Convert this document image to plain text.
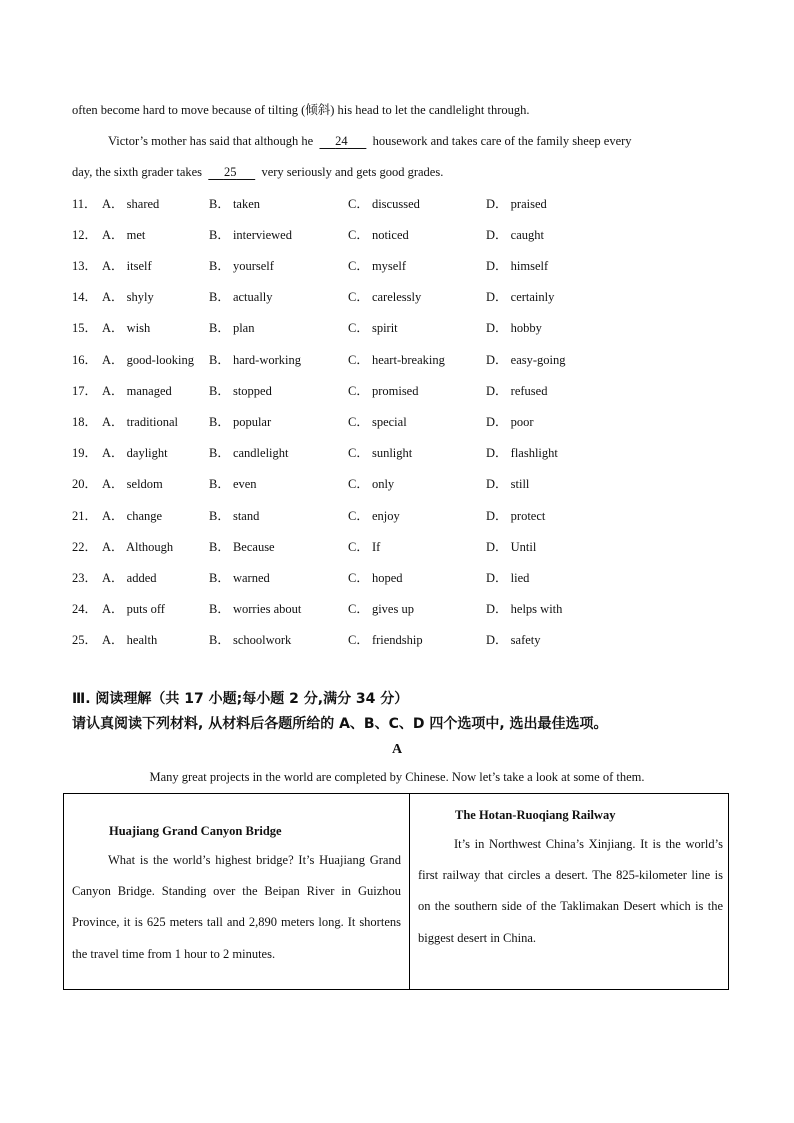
often become hard to move because of tilting (倾斜) his head to let the candlelight through.
Victor’s mother has said that although he 24 housework and takes care of the family sheep every
day, the sixth grader takes 25 very seriously and gets good grades.
11． A． shared	B． taken	C． discussed	D． praised
12． A． met	B． interviewed	C． noticed	D． caught
13． A． itself	B． yourself	C． myself	D． himself
14． A． shyly	B． actually	C． carelessly	D． certainly
15． A． wish	B． plan	C． spirit	D． hobby
16． A． good-looking B． hard-working	C． heart-breaking	D． easy-going
17． A． managed	B． stopped	C． promised	D． refused
18． A． traditional B． popular	C． special	D． poor
19． A． daylight	B． candlelight	C． sunlight	D． flashlight
20． A． seldom	B． even	C． only	D． still
21． A． change	B． stand	C． enjoy	D． protect
22． A． Although	B． Because	C． If	D． Until
23． A． added	B． warned	C． hoped	D． lied
24． A． puts off	B． worries about	C． gives up	D． helps with
25． A． health	B． schoolwork	C． friendship	D． safety
Ⅲ. 阅读理解（共 17 小题;每小题 2 分,满分 34 分）
请认真阅读下列材料, 从材料后各题所给的 A、B、C、D 四个选项中, 选出最佳选项。
A
Many great projects in the world are completed by Chinese. Now let’s take a look at some of them.
Huajiang Grand Canyon Bridge
What is the world’s highest bridge? It’s Huajiang Grand Canyon Bridge. Standing over the Beipan River in Guizhou Province, it is 625 meters tall and 2,890 meters long. It shortens the travel time from 1 hour to 2 minutes.
The Hotan-Ruoqiang Railway
It’s in Northwest China’s Xinjiang. It is the world’s first railway that circles a desert. The 825-kilometer line is on the southern side of the Taklimakan Desert which is the biggest desert in China.
